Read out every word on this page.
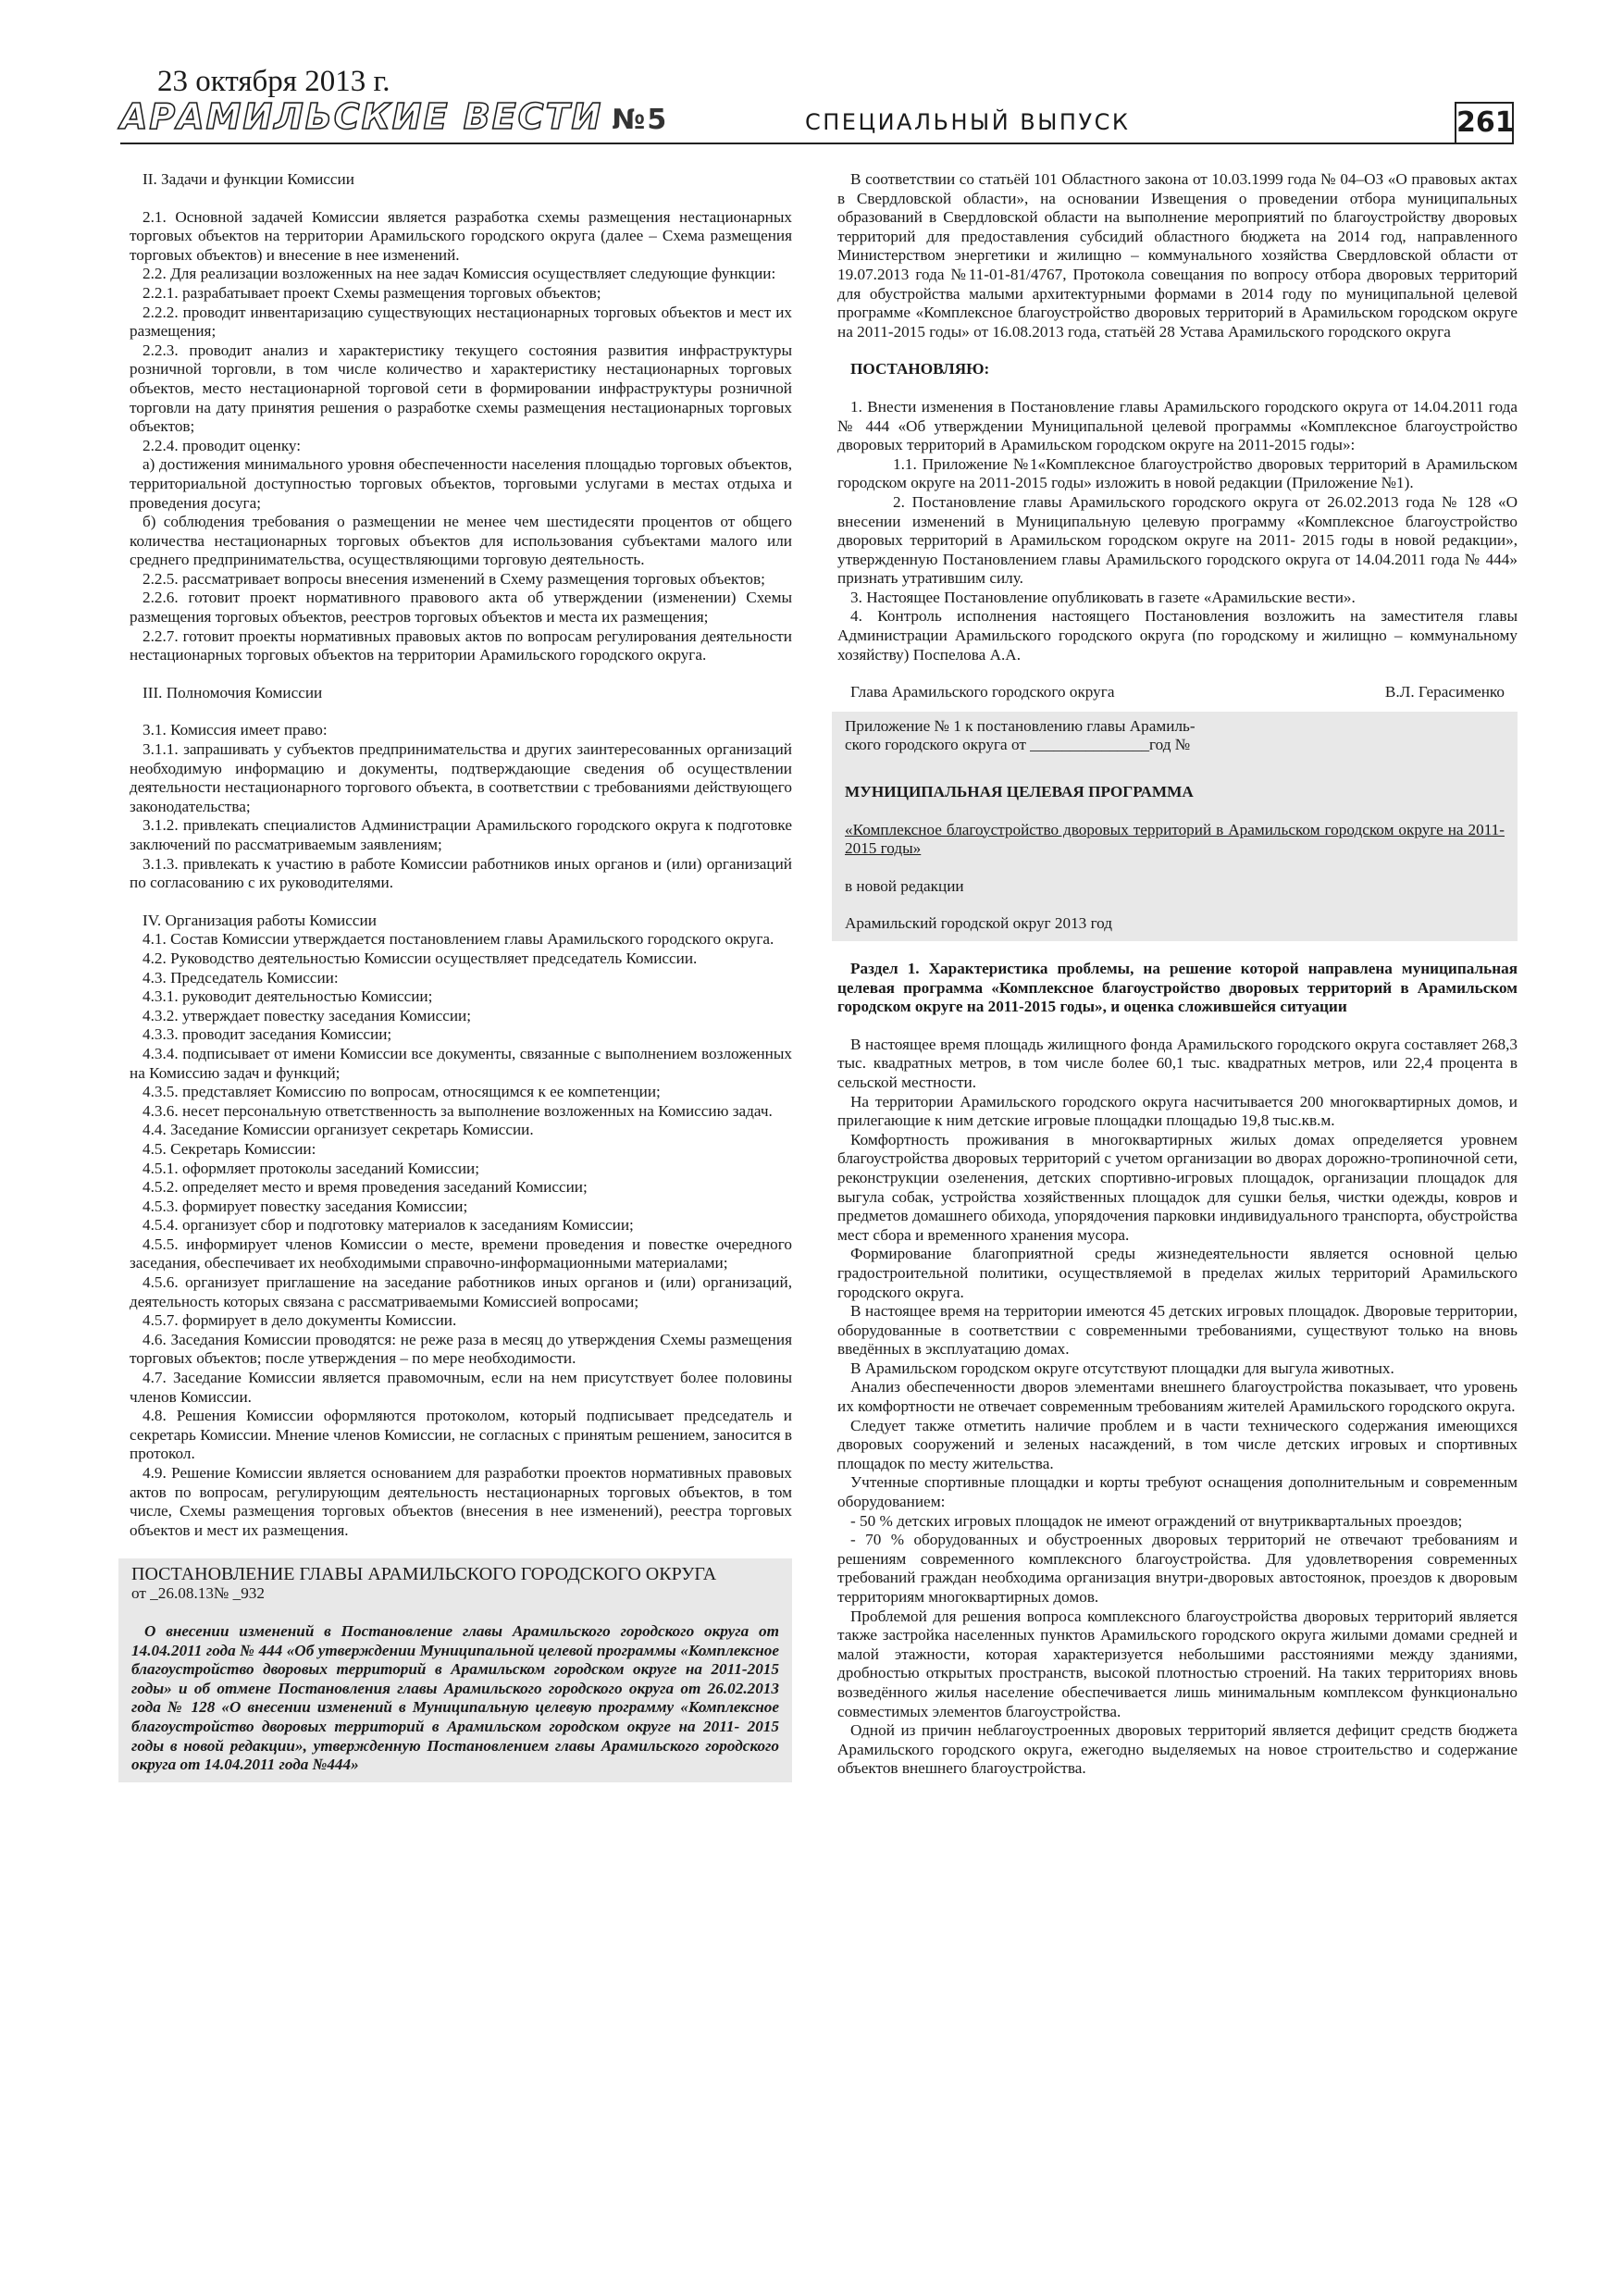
23 октября 2013 г.
АРАМИЛЬСКИЕ ВЕСТИ №5	СПЕЦИАЛЬНЫЙ ВЫПУСК	261

II. Задачи и функции Комиссии

2.1. Основной задачей Комиссии является разработка схемы размещения нестационарных торговых объектов на территории Арамильского городского округа (далее – Схема размещения торговых объектов) и внесение в нее изменений.

2.2. Для реализации возложенных на нее задач Комиссия осуществляет следующие функции:

2.2.1. разрабатывает проект Схемы размещения торговых объектов;

2.2.2. проводит инвентаризацию существующих нестационарных торговых объектов и мест их размещения;

2.2.3. проводит анализ и характеристику текущего состояния развития инфраструктуры розничной торговли, в том числе количество и характеристику нестационарных торговых объектов, место нестационарной торговой сети в формировании инфраструктуры розничной торговли на дату принятия решения о разработке схемы размещения нестационарных торговых объектов;

2.2.4. проводит оценку:

а) достижения минимального уровня обеспеченности населения площадью торговых объектов, территориальной доступностью торговых объектов, торговыми услугами в местах отдыха и проведения досуга;

б) соблюдения требования о размещении не менее чем шестидесяти процентов от общего количества нестационарных торговых объектов для использования субъектами малого или среднего предпринимательства, осуществляющими торговую деятельность.

2.2.5. рассматривает вопросы внесения изменений в Схему размещения торговых объектов;

2.2.6. готовит проект нормативного правового акта об утверждении (изменении) Схемы размещения торговых объектов, реестров торговых объектов и места их размещения;

2.2.7. готовит проекты нормативных правовых актов по вопросам регулирования деятельности нестационарных торговых объектов на территории Арамильского городского округа.

III. Полномочия Комиссии

3.1. Комиссия имеет право:

3.1.1. запрашивать у субъектов предпринимательства и других заинтересованных организаций необходимую информацию и документы, подтверждающие сведения об осуществлении деятельности нестационарного торгового объекта, в соответствии с требованиями действующего законодательства;

3.1.2. привлекать специалистов Администрации Арамильского городского округа к подготовке заключений по рассматриваемым заявлениям;

3.1.3. привлекать к участию в работе Комиссии работников иных органов и (или) организаций по согласованию с их руководителями.

IV. Организация работы Комиссии

4.1. Состав Комиссии утверждается постановлением главы Арамильского городского округа.

4.2. Руководство деятельностью Комиссии осуществляет председатель Комиссии.

4.3. Председатель Комиссии:

4.3.1. руководит деятельностью Комиссии;

4.3.2. утверждает повестку заседания Комиссии;

4.3.3. проводит заседания Комиссии;

4.3.4. подписывает от имени Комиссии все документы, связанные с выполнением возложенных на Комиссию задач и функций;

4.3.5. представляет Комиссию по вопросам, относящимся к ее компетенции;

4.3.6. несет персональную ответственность за выполнение возложенных на Комиссию задач.

4.4. Заседание Комиссии организует секретарь Комиссии.

4.5. Секретарь Комиссии:

4.5.1. оформляет протоколы заседаний Комиссии;

4.5.2. определяет место и время проведения заседаний Комиссии;

4.5.3. формирует повестку заседания Комиссии;

4.5.4. организует сбор и подготовку материалов к заседаниям Комиссии;

4.5.5. информирует членов Комиссии о месте, времени проведения и повестке очередного заседания, обеспечивает их необходимыми справочно-информационными материалами;

4.5.6. организует приглашение на заседание работников иных органов и (или) организаций, деятельность которых связана с рассматриваемыми Комиссией вопросами;

4.5.7. формирует в дело документы Комиссии.

4.6. Заседания Комиссии проводятся: не реже раза в месяц до утверждения Схемы размещения торговых объектов; после утверждения – по мере необходимости.

4.7. Заседание Комиссии является правомочным, если на нем присутствует более половины членов Комиссии.

4.8. Решения Комиссии оформляются протоколом, который подписывает председатель и секретарь Комиссии. Мнение членов Комиссии, не согласных с принятым решением, заносится в протокол.

4.9. Решение Комиссии является основанием для разработки проектов нормативных правовых актов по вопросам, регулирующим деятельность нестационарных торговых объектов, в том числе, Схемы размещения торговых объектов (внесения в нее изменений), реестра торговых объектов и мест их размещения.

ПОСТАНОВЛЕНИЕ ГЛАВЫ АРАМИЛЬСКОГО ГОРОДСКОГО ОКРУГА

от _26.08.13№ _932

О внесении изменений в Постановление главы Арамильского городского округа от 14.04.2011 года № 444 «Об утверждении Муниципальной целевой программы «Комплексное благоустройство дворовых территорий в Арамильском городском округе на 2011-2015 годы» и об отмене Постановления главы Арамильского городского округа от 26.02.2013 года № 128 «О внесении изменений в Муниципальную целевую программу «Комплексное благоустройство дворовых территорий в Арамильском городском округе на 2011- 2015 годы в новой редакции», утвержденную Постановлением главы Арамильского городского округа от 14.04.2011 года №444»

В соответствии со статьёй 101 Областного закона от 10.03.1999 года № 04–ОЗ «О правовых актах в Свердловской области», на основании Извещения о проведении отбора муниципальных образований в Свердловской области на выполнение мероприятий по благоустройству дворовых территорий для предоставления субсидий областного бюджета на 2014 год, направленного Министерством энергетики и жилищно – коммунального хозяйства Свердловской области от 19.07.2013 года №11-01-81/4767, Протокола совещания по вопросу отбора дворовых территорий для обустройства малыми архитектурными формами в 2014 году по муниципальной целевой программе «Комплексное благоустройство дворовых территорий в Арамильском городском округе на 2011-2015 годы» от 16.08.2013 года, статьёй 28 Устава Арамильского городского округа

ПОСТАНОВЛЯЮ:

1. Внести изменения в Постановление главы Арамильского городского округа от 14.04.2011 года № 444 «Об утверждении Муниципальной целевой программы «Комплексное благоустройство дворовых территорий в Арамильском городском округе на 2011-2015 годы»:

1.1. Приложение №1«Комплексное благоустройство дворовых территорий в Арамильском городском округе на 2011-2015 годы» изложить в новой редакции (Приложение №1).

2. Постановление главы Арамильского городского округа от 26.02.2013 года № 128 «О внесении изменений в Муниципальную целевую программу «Комплексное благоустройство дворовых территорий в Арамильском городском округе на 2011- 2015 годы в новой редакции», утвержденную Постановлением главы Арамильского городского округа от 14.04.2011 года № 444» признать утратившим силу.

3. Настоящее Постановление опубликовать в газете «Арамильские вести».

4. Контроль исполнения настоящего Постановления возложить на заместителя главы Администрации Арамильского городского округа (по городскому и жилищно – коммунальному хозяйству) Поспелова А.А.

Глава Арамильского городского округа	В.Л. Герасименко

Приложение № 1 к постановлению главы Арамиль-

ского городского округа от _______________год №

МУНИЦИПАЛЬНАЯ ЦЕЛЕВАЯ ПРОГРАММА

«Комплексное благоустройство дворовых территорий в Арамильском городском округе на 2011-2015 годы»

в новой редакции

Арамильский городской округ 2013 год

Раздел 1. Характеристика проблемы, на решение которой направлена муниципальная целевая программа «Комплексное благоустройство дворовых территорий в Арамильском городском округе на 2011-2015 годы», и оценка сложившейся ситуации

В настоящее время площадь жилищного фонда Арамильского городского округа составляет 268,3 тыс. квадратных метров, в том числе более 60,1 тыс. квадратных метров, или 22,4 процента в сельской местности.

На территории Арамильского городского округа насчитывается 200 многоквартирных домов, и прилегающие к ним детские игровые площадки площадью 19,8 тыс.кв.м.

Комфортность проживания в многоквартирных жилых домах определяется уровнем благоустройства дворовых территорий с учетом организации во дворах дорожно-тропиночной сети, реконструкции озеленения, детских спортивно-игровых площадок, организации площадок для выгула собак, устройства хозяйственных площадок для сушки белья, чистки одежды, ковров и предметов домашнего обихода, упорядочения парковки индивидуального транспорта, обустройства мест сбора и временного хранения мусора.

Формирование благоприятной среды жизнедеятельности является основной целью градостроительной политики, осуществляемой в пределах жилых территорий Арамильского городского округа.

В настоящее время на территории имеются 45 детских игровых площадок. Дворовые территории, оборудованные в соответствии с современными требованиями, существуют только на вновь введённых в эксплуатацию домах.

В Арамильском городском округе отсутствуют площадки для выгула животных.

Анализ обеспеченности дворов элементами внешнего благоустройства показывает, что уровень их комфортности не отвечает современным требованиям жителей Арамильского городского округа.

Следует также отметить наличие проблем и в части технического содержания имеющихся дворовых сооружений и зеленых насаждений, в том числе детских игровых и спортивных площадок по месту жительства.

Учтенные спортивные площадки и корты требуют оснащения дополнительным и современным оборудованием:

- 50 % детских игровых площадок не имеют ограждений от внутриквартальных проездов;

- 70 % оборудованных и обустроенных дворовых территорий не отвечают требованиям и решениям современного комплексного благоустройства. Для удовлетворения современных требований граждан необходима организация внутри-дворовых автостоянок, проездов к дворовым территориям многоквартирных домов.

Проблемой для решения вопроса комплексного благоустройства дворовых территорий является также застройка населенных пунктов Арамильского городского округа жилыми домами средней и малой этажности, которая характеризуется небольшими расстояниями между зданиями, дробностью открытых пространств, высокой плотностью строений. На таких территориях вновь возведённого жилья население обеспечивается лишь минимальным комплексом функционально совместимых элементов благоустройства.

Одной из причин неблагоустроенных дворовых территорий является дефицит средств бюджета Арамильского городского округа, ежегодно выделяемых на новое строительство и содержание объектов внешнего благоустройства.
